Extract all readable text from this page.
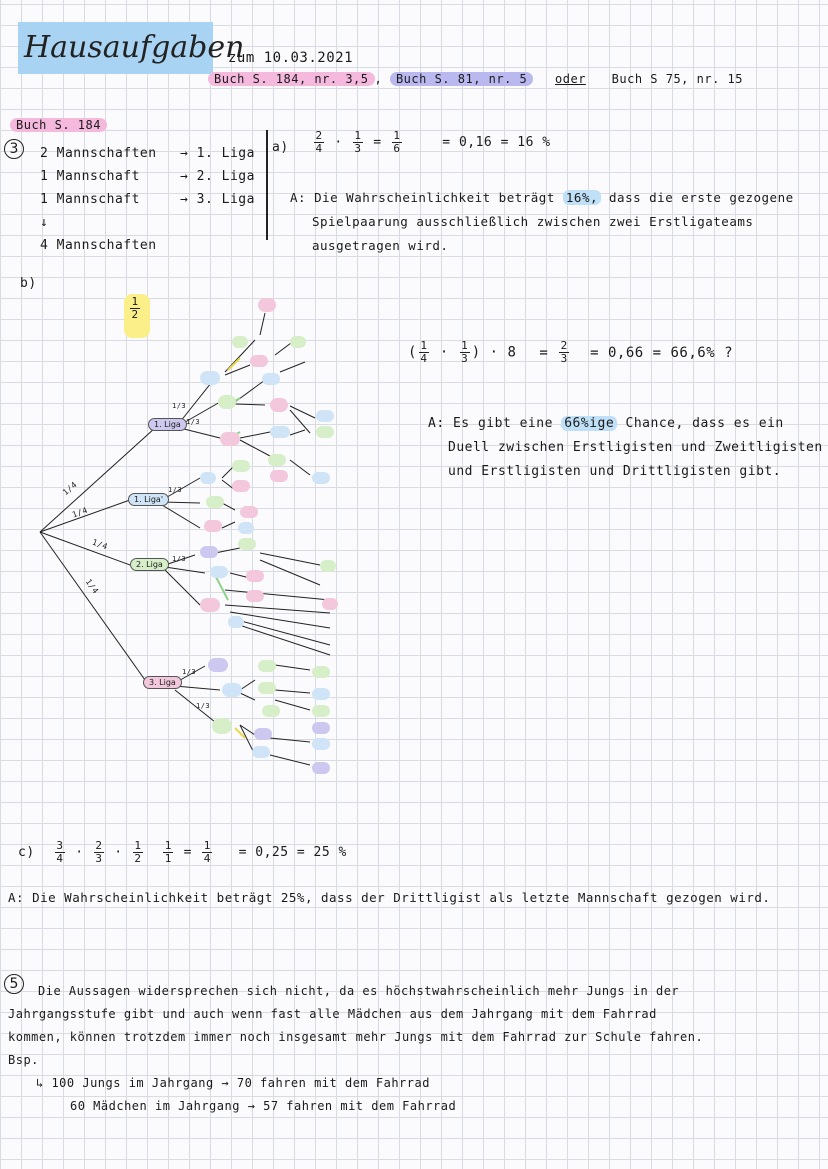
Hausaufgaben
zum 10.03.2021
Buch S. 184, nr. 3,5 , Buch S. 81, nr. 5 oder Buch S 75, nr. 15
Buch S. 184
3	2 Mannschaften → 1. Liga
1 Mannschaft	→ 2. Liga
1 Mannschaft	→ 3. Liga
↓
4 Mannschaften
$a) \frac{2}{4} \cdot \frac{1}{3} = \frac{1}{6}$	= 0,16 = 16 %
A: Die Wahrscheinlichkeit beträgt 16%, dass die erste gezogene
Spielpaarung ausschließlich zwischen zwei Erstligateams
ausgetragen wird.
b)
$\frac{1}{2}$
1. Liga
1. Liga'
2. Liga
3. Liga
1/4
1/4
1/4
1/4
1/3
1/3
1/3
1/3
1/3
1/3
( $\frac{1}{4} \cdot \frac{1}{3}$ ) · $8 = \frac{2}{3} = 0,66 = 66,6\%$ ?
A: Es gibt eine 66%ige Chance, dass es ein
Duell zwischen Erstligisten und Zweitligisten
und Erstligisten und Drittligisten gibt.
$c) \frac{3}{4} \cdot \frac{2}{3} \cdot \frac{1}{2}$
$\frac{1}{1} = \frac{1}{4} = 0,25 = 25$ %
A: Die Wahrscheinlichkeit beträgt 25%, dass der Drittligist als letzte Mannschaft gezogen wird.
5	Die Aussagen widersprechen sich nicht, da es höchstwahrscheinlich mehr Jungs in der
Jahrgangsstufe gibt und auch wenn fast alle Mädchen aus dem Jahrgang mit dem Fahrrad
kommen, können trotzdem immer noch insgesamt mehr Jungs mit dem Fahrrad zur Schule fahren.
Bsp.
↳ 100 Jungs im Jahrgang → 70 fahren mit dem Fahrrad
60 Mädchen im Jahrgang → 57 fahren mit dem Fahrrad
